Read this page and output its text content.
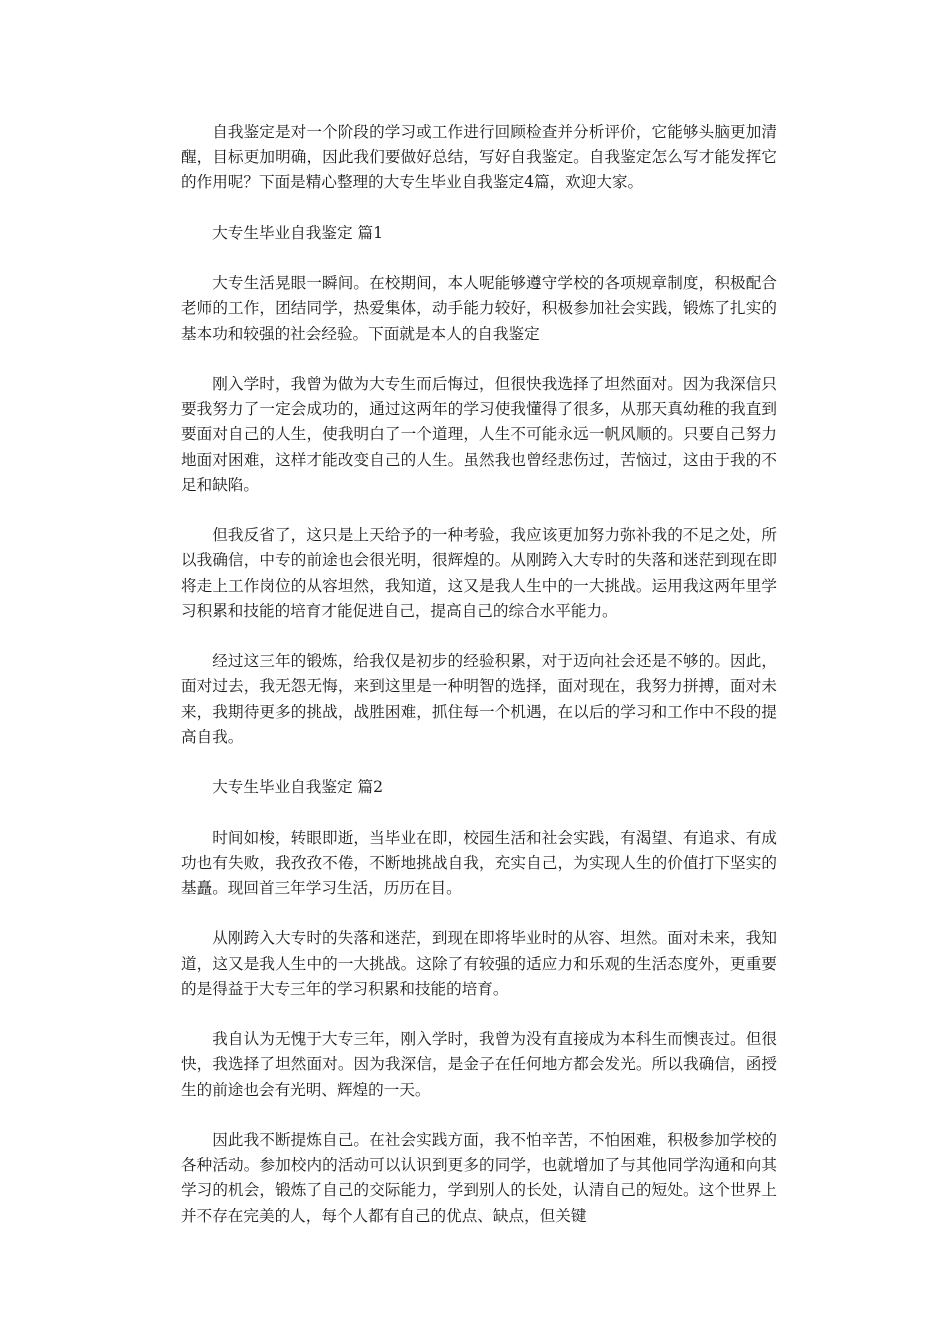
自我鉴定是对一个阶段的学习或工作进行回顾检查并分析评价，它能够头脑更加清醒，目标更加明确，因此我们要做好总结，写好自我鉴定。自我鉴定怎么写才能发挥它的作用呢？下面是精心整理的大专生毕业自我鉴定4篇，欢迎大家。

大专生毕业自我鉴定 篇1

大专生活晃眼一瞬间。在校期间，本人呢能够遵守学校的各项规章制度，积极配合老师的工作，团结同学，热爱集体，动手能力较好，积极参加社会实践，锻炼了扎实的基本功和较强的社会经验。下面就是本人的自我鉴定

刚入学时，我曾为做为大专生而后悔过，但很快我选择了坦然面对。因为我深信只要我努力了一定会成功的，通过这两年的学习使我懂得了很多，从那天真幼稚的我直到要面对自己的人生，使我明白了一个道理，人生不可能永远一帆风顺的。只要自己努力地面对困难，这样才能改变自己的人生。虽然我也曾经悲伤过，苦恼过，这由于我的不足和缺陷。

但我反省了，这只是上天给予的一种考验，我应该更加努力弥补我的不足之处，所以我确信，中专的前途也会很光明，很辉煌的。从刚跨入大专时的失落和迷茫到现在即将走上工作岗位的从容坦然，我知道，这又是我人生中的一大挑战。运用我这两年里学习积累和技能的培育才能促进自己，提高自己的综合水平能力。

经过这三年的锻炼，给我仅是初步的经验积累，对于迈向社会还是不够的。因此，面对过去，我无怨无悔，来到这里是一种明智的选择，面对现在，我努力拼搏，面对未来，我期待更多的挑战，战胜困难，抓住每一个机遇，在以后的学习和工作中不段的提高自我。

大专生毕业自我鉴定 篇2

时间如梭，转眼即逝，当毕业在即，校园生活和社会实践，有渴望、有追求、有成功也有失败，我孜孜不倦，不断地挑战自我，充实自己，为实现人生的价值打下坚实的基矗。现回首三年学习生活，历历在目。

从刚跨入大专时的失落和迷茫，到现在即将毕业时的从容、坦然。面对未来，我知道，这又是我人生中的一大挑战。这除了有较强的适应力和乐观的生活态度外，更重要的是得益于大专三年的学习积累和技能的培育。

我自认为无愧于大专三年，刚入学时，我曾为没有直接成为本科生而懊丧过。但很快，我选择了坦然面对。因为我深信，是金子在任何地方都会发光。所以我确信，函授生的前途也会有光明、辉煌的一天。

因此我不断提炼自己。在社会实践方面，我不怕辛苦，不怕困难，积极参加学校的各种活动。参加校内的活动可以认识到更多的同学，也就增加了与其他同学沟通和向其学习的机会，锻炼了自己的交际能力，学到别人的长处，认清自己的短处。这个世界上并不存在完美的人，每个人都有自己的优点、缺点，但关键
